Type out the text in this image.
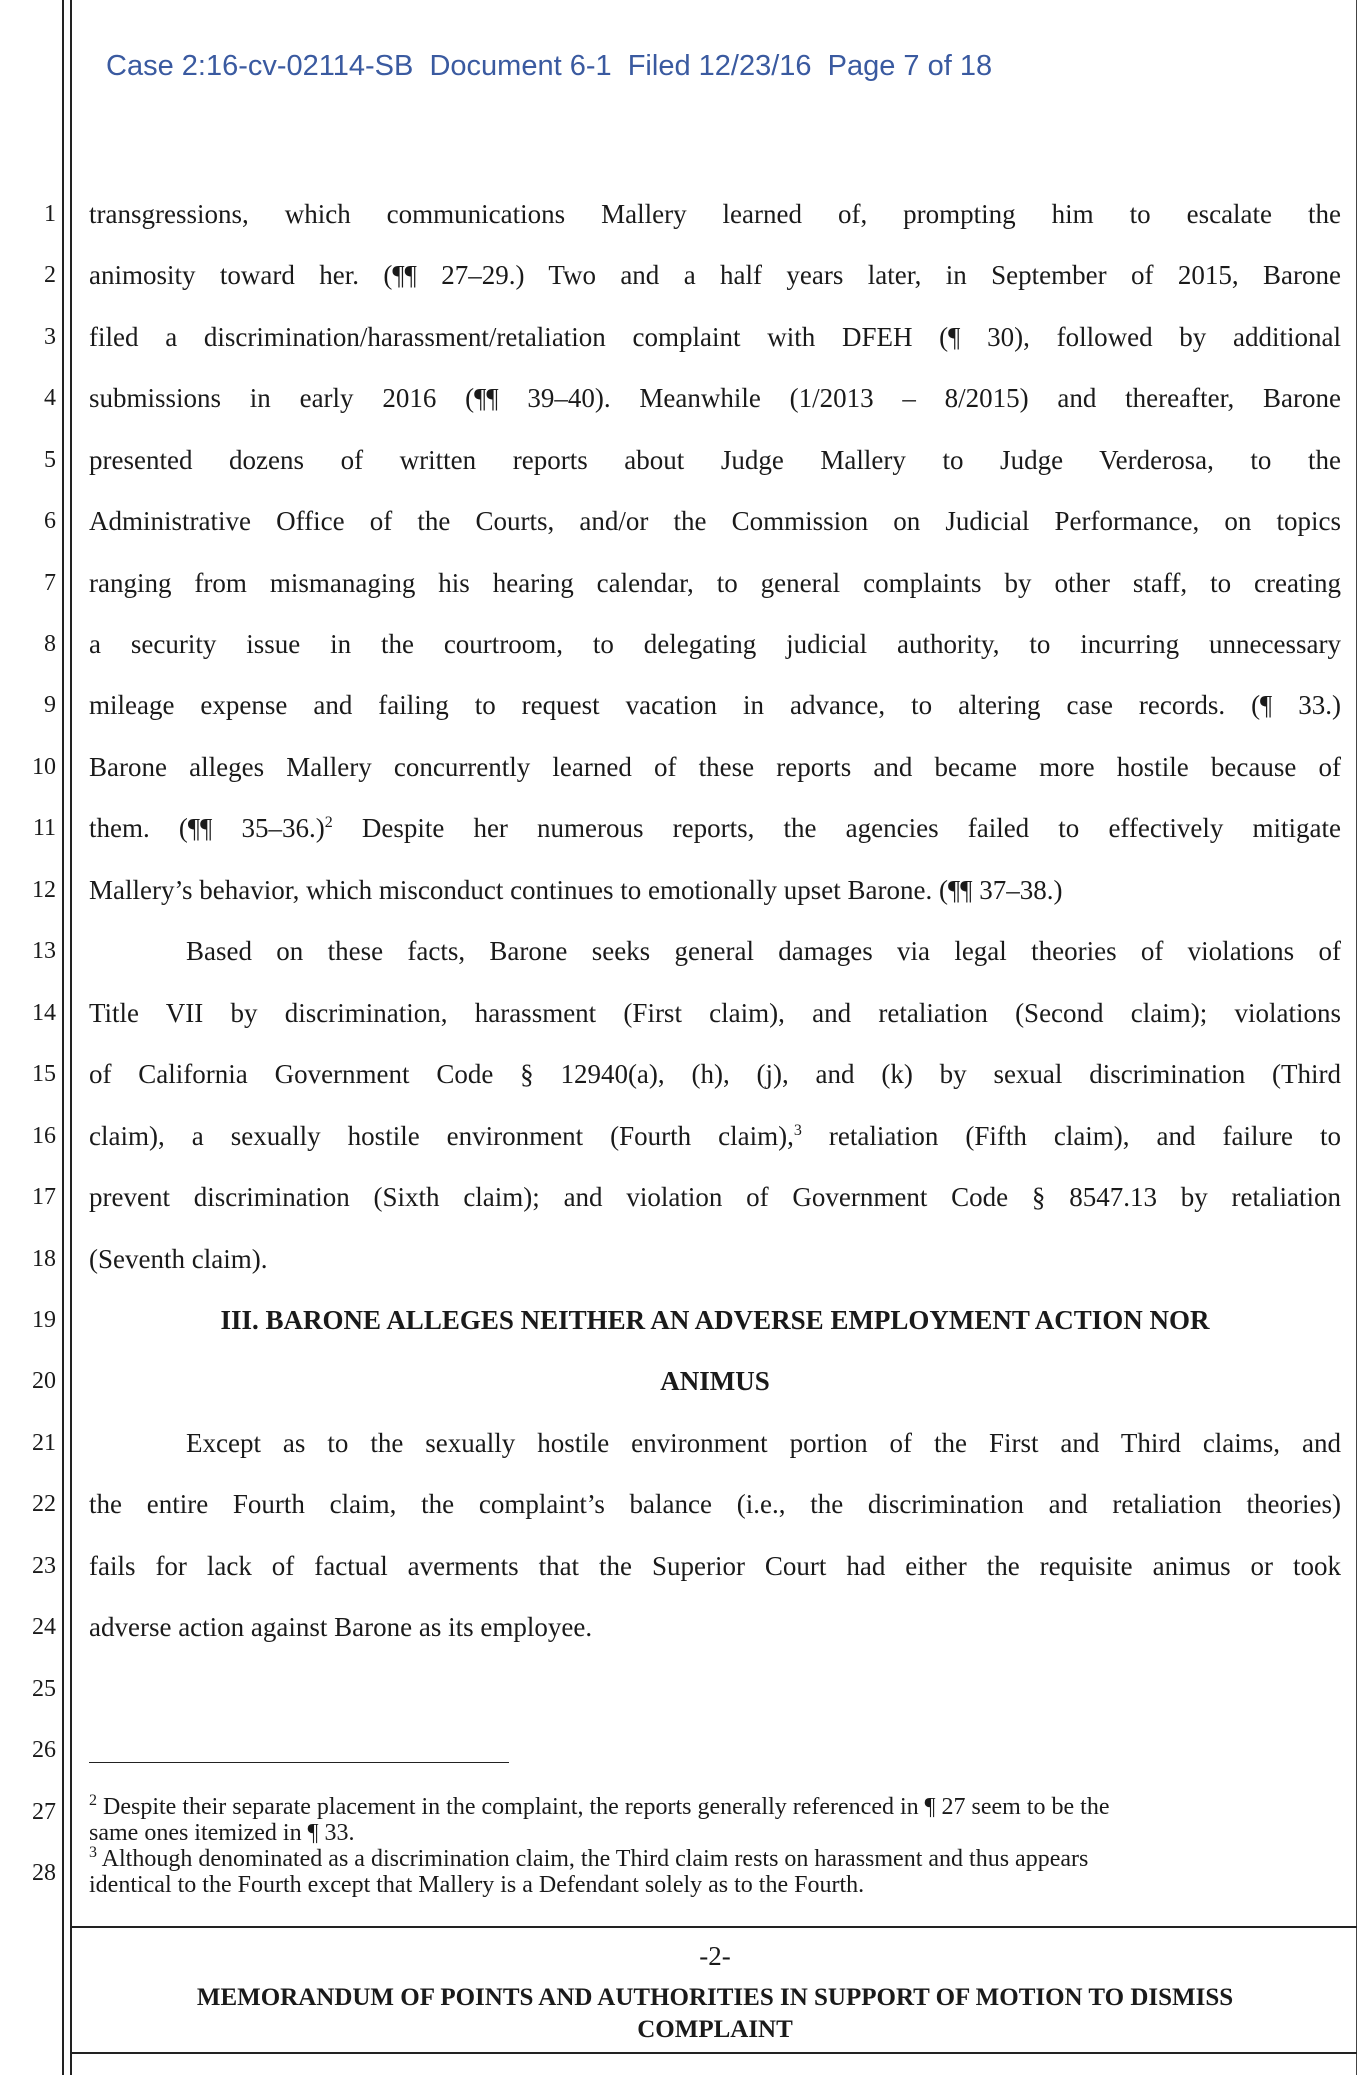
Case 2:16-cv-02114-SB  Document 6-1  Filed 12/23/16  Page 7 of 18
1
2
3
4
5
6
7
8
9
10
11
12
13
14
15
16
17
18
19
20
21
22
23
24
25
26
27
28
transgressions, which communications Mallery learned of, prompting him to escalate the
animosity toward her. (¶¶ 27–29.) Two and a half years later, in September of 2015, Barone
filed a discrimination/harassment/retaliation complaint with DFEH (¶ 30), followed by additional
submissions in early 2016 (¶¶ 39–40). Meanwhile (1/2013 – 8/2015) and thereafter, Barone
presented dozens of written reports about Judge Mallery to Judge Verderosa, to the
Administrative Office of the Courts, and/or the Commission on Judicial Performance, on topics
ranging from mismanaging his hearing calendar, to general complaints by other staff, to creating
a security issue in the courtroom, to delegating judicial authority, to incurring unnecessary
mileage expense and failing to request vacation in advance, to altering case records. (¶ 33.)
Barone alleges Mallery concurrently learned of these reports and became more hostile because of
them. (¶¶ 35–36.)$^2$ Despite her numerous reports, the agencies failed to effectively mitigate
Mallery’s behavior, which misconduct continues to emotionally upset Barone. (¶¶ 37–38.)
Based on these facts, Barone seeks general damages via legal theories of violations of
Title VII by discrimination, harassment (First claim), and retaliation (Second claim); violations
of California Government Code § 12940(a), (h), (j), and (k) by sexual discrimination (Third
claim), a sexually hostile environment (Fourth claim),$^3$ retaliation (Fifth claim), and failure to
prevent discrimination (Sixth claim); and violation of Government Code § 8547.13 by retaliation
(Seventh claim).
III. BARONE ALLEGES NEITHER AN ADVERSE EMPLOYMENT ACTION NOR
ANIMUS
Except as to the sexually hostile environment portion of the First and Third claims, and
the entire Fourth claim, the complaint’s balance (i.e., the discrimination and retaliation theories)
fails for lack of factual averments that the Superior Court had either the requisite animus or took
adverse action against Barone as its employee.
$^2$ Despite their separate placement in the complaint, the reports generally referenced in ¶ 27 seem to be the
same ones itemized in ¶ 33.
$^3$ Although denominated as a discrimination claim, the Third claim rests on harassment and thus appears
identical to the Fourth except that Mallery is a Defendant solely as to the Fourth.
-2-
MEMORANDUM OF POINTS AND AUTHORITIES IN SUPPORT OF MOTION TO DISMISS
COMPLAINT
